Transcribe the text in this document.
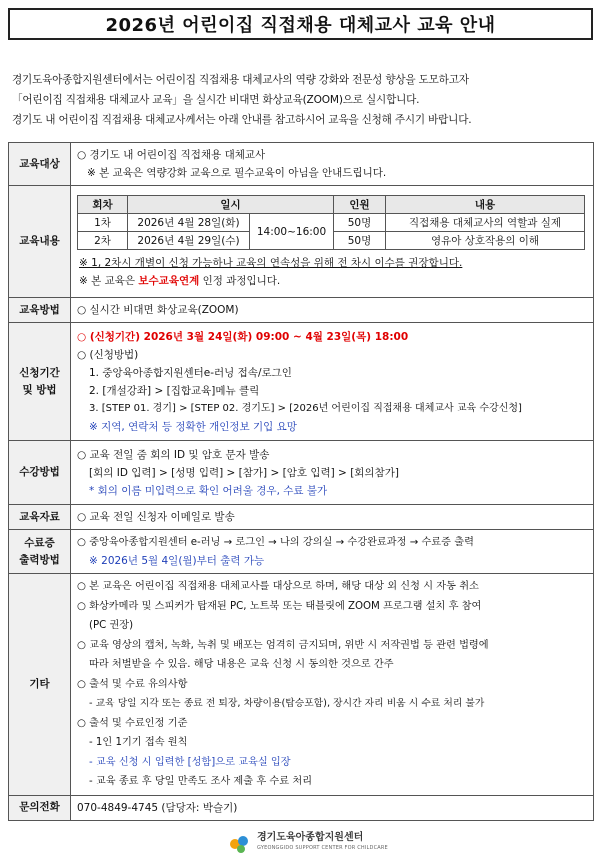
2026년 어린이집 직접채용 대체교사 교육 안내
경기도육아종합지원센터에서는 어린이집 직접채용 대체교사의 역량 강화와 전문성 향상을 도모하고자
「어린이집 직접채용 대체교사 교육」을 실시간 비대면 화상교육(ZOOM)으로 실시합니다.
경기도 내 어린이집 직접채용 대체교사께서는 아래 안내를 참고하시어 교육을 신청해 주시기 바랍니다.
교육대상	
○ 경기도 내 어린이집 직접채용 대체교사
※ 본 교육은 역량강화 교육으로 필수교육이 아님을 안내드립니다.

교육내용	
회차	일시	인원	내용
1차	2026년 4월 28일(화)	14:00~16:00	50명	직접채용 대체교사의 역할과 실제
2차	2026년 4월 29일(수)	50명	영유아 상호작용의 이해
※ 1, 2차시 개별이 신청 가능하나 교육의 연속성을 위해 전 차시 이수를 권장합니다.
※ 본 교육은 보수교육연계 인정 과정입니다.

교육방법	○ 실시간 비대면 화상교육(ZOOM)

신청기간
및 방법

○ (신청기간) 2026년 3월 24일(화) 09:00 ~ 4월 23일(목) 18:00
○ (신청방법)
1. 중앙육아종합지원센터e-러닝 접속/로그인
2. [개설강좌] > [집합교육]메뉴 클릭
3. [STEP 01. 경기] > [STEP 02. 경기도] > [2026년 어린이집 직접채용 대체교사 교육 수강신청]
※ 지역, 연락처 등 정확한 개인정보 기입 요망

수강방법	
○ 교육 전일 줌 회의 ID 및 암호 문자 발송
[회의 ID 입력] > [성명 입력] > [참가] > [암호 입력] > [회의참가]
* 회의 이름 미입력으로 확인 어려울 경우, 수료 불가

교육자료	○ 교육 전일 신청자 이메일로 발송

수료증
출력방법

○ 중앙육아종합지원센터 e-러닝 → 로그인 → 나의 강의실 → 수강완료과정 → 수료증 출력
※ 2026년 5월 4일(월)부터 출력 가능

기타	
○ 본 교육은 어린이집 직접채용 대체교사를 대상으로 하며, 해당 대상 외 신청 시 자동 취소
○ 화상카메라 및 스피커가 탑재된 PC, 노트북 또는 태블릿에 ZOOM 프로그램 설치 후 참여
(PC 권장)
○ 교육 영상의 캡처, 녹화, 녹취 및 배포는 엄격히 금지되며, 위반 시 저작권법 등 관련 법령에
따라 처벌받을 수 있음. 해당 내용은 교육 신청 시 동의한 것으로 간주
○ 출석 및 수료 유의사항
- 교육 당일 지각 또는 종료 전 퇴장, 차량이용(탑승포함), 장시간 자리 비움 시 수료 처리 불가
○ 출석 및 수료인정 기준
- 1인 1기기 접속 원칙
- 교육 신청 시 입력한 [성함]으로 교육실 입장
- 교육 종료 후 당일 만족도 조사 제출 후 수료 처리

문의전화	070-4849-4745 (담당자: 박슬기)
경기도육아종합지원센터
GYEONGGIDO SUPPORT CENTER FOR CHILDCARE
